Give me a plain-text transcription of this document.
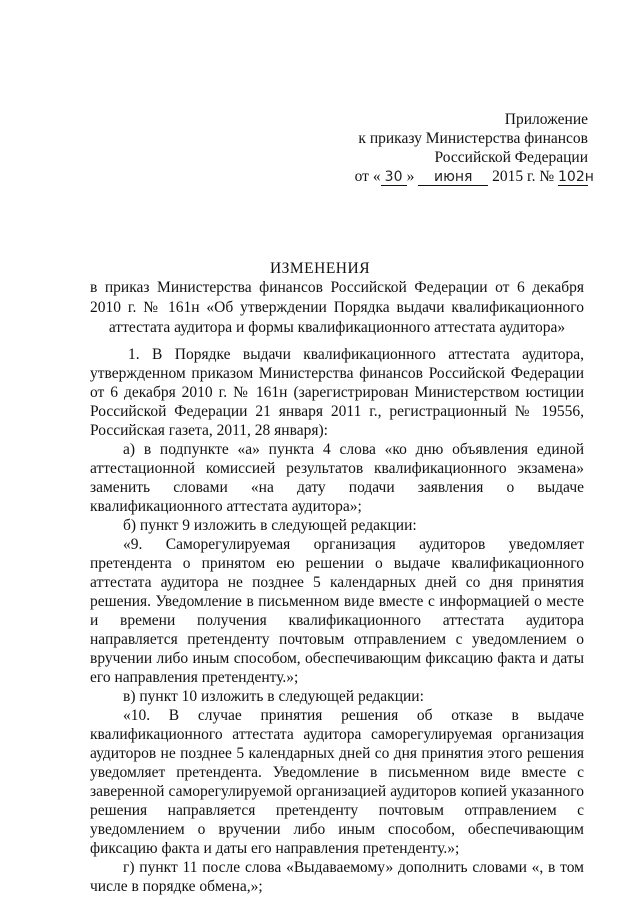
Приложение
к приказу Министерства финансов
Российской Федерации
от « 30 » июня 2015 г. № 102н
ИЗМЕНЕНИЯ
в приказ Министерства финансов Российской Федерации от 6 декабря 2010 г. № 161н «Об утверждении Порядка выдачи квалификационного аттестата аудитора и формы квалификационного аттестата аудитора»

1. В Порядке выдачи квалификационного аттестата аудитора, утвержденном приказом Министерства финансов Российской Федерации от 6 декабря 2010 г. № 161н (зарегистрирован Министерством юстиции Российской Федерации 21 января 2011 г., регистрационный № 19556, Российская газета, 2011, 28 января):

а) в подпункте «а» пункта 4 слова «ко дню объявления единой аттестационной комиссией результатов квалификационного экзамена» заменить словами «на дату подачи заявления о выдаче квалификационного аттестата аудитора»;

б) пункт 9 изложить в следующей редакции:

«9. Саморегулируемая организация аудиторов уведомляет претендента о принятом ею решении о выдаче квалификационного аттестата аудитора не позднее 5 календарных дней со дня принятия решения. Уведомление в письменном виде вместе с информацией о месте и времени получения квалификационного аттестата аудитора направляется претенденту почтовым отправлением с уведомлением о вручении либо иным способом, обеспечивающим фиксацию факта и даты его направления претенденту.»;

в) пункт 10 изложить в следующей редакции:

«10. В случае принятия решения об отказе в выдаче квалификационного аттестата аудитора саморегулируемая организация аудиторов не позднее 5 календарных дней со дня принятия этого решения уведомляет претендента. Уведомление в письменном виде вместе с заверенной саморегулируемой организацией аудиторов копией указанного решения направляется претенденту почтовым отправлением с уведомлением о вручении либо иным способом, обеспечивающим фиксацию факта и даты его направления претенденту.»;

г) пункт 11 после слова «Выдаваемому» дополнить словами «, в том числе в порядке обмена,»;
